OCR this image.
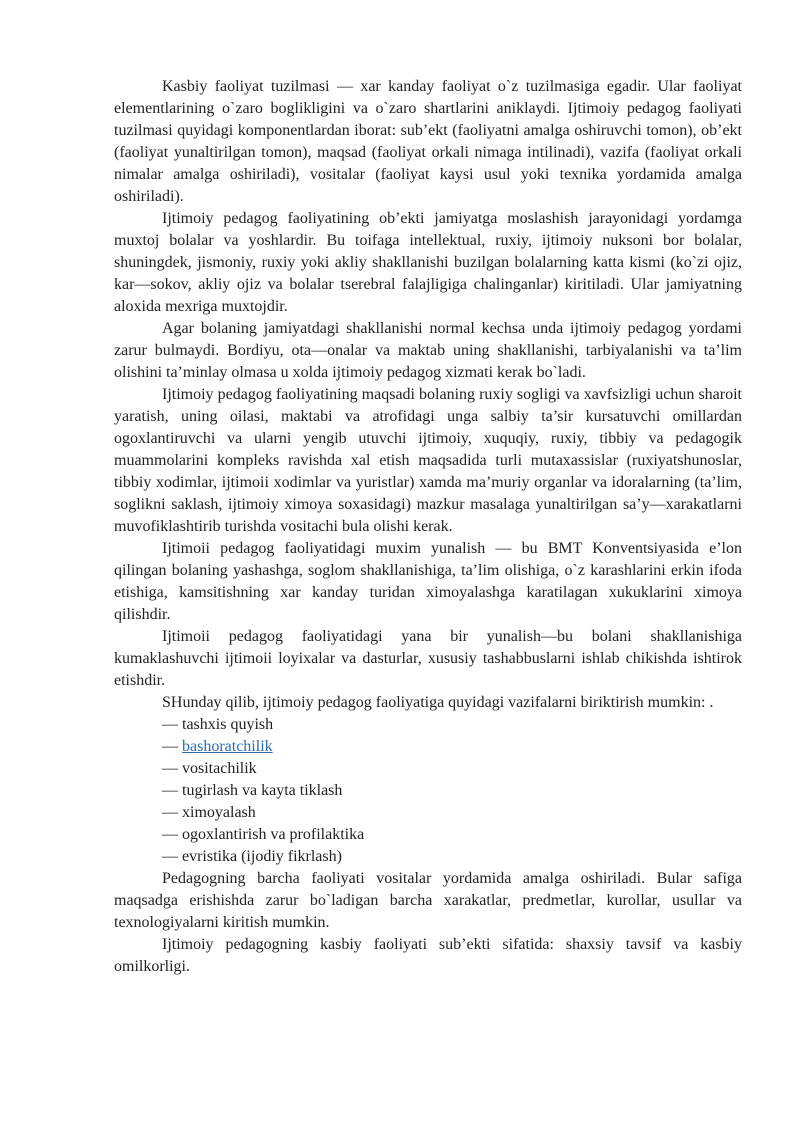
Kasbiy faoliyat tuzilmasi — xar kanday faoliyat o`z tuzilmasiga egadir. Ular faoliyat elementlarining o`zaro boglikligini va o`zaro shartlarini aniklaydi. Ijtimoiy pedagog faoliyati tuzilmasi quyidagi komponentlardan iborat: sub’ekt (faoliyatni amalga oshiruvchi tomon), ob’ekt (faoliyat yunaltirilgan tomon), maqsad (faoliyat orkali nimaga intilinadi), vazifa (faoliyat orkali nimalar amalga oshiriladi), vositalar (faoliyat kaysi usul yoki texnika yordamida amalga oshiriladi).

Ijtimoiy pedagog faoliyatining ob’ekti jamiyatga moslashish jarayonidagi yordamga muxtoj bolalar va yoshlardir. Bu toifaga intellektual, ruxiy, ijtimoiy nuksoni bor bolalar, shuningdek, jismoniy, ruxiy yoki akliy shakllanishi buzilgan bolalarning katta kismi (ko`zi ojiz, kar—sokov, akliy ojiz va bolalar tserebral falajligiga chalinganlar) kiritiladi. Ular jamiyatning aloxida mexriga muxtojdir.

Agar bolaning jamiyatdagi shakllanishi normal kechsa unda ijtimoiy pedagog yordami zarur bulmaydi. Bordiyu, ota—onalar va maktab uning shakllanishi, tarbiyalanishi va ta’lim olishini ta’minlay olmasa u xolda ijtimoiy pedagog xizmati kerak bo`ladi.

Ijtimoiy pedagog faoliyatining maqsadi bolaning ruxiy sogligi va xavfsizligi uchun sharoit yaratish, uning oilasi, maktabi va atrofidagi unga salbiy ta’sir kursatuvchi omillardan ogoxlantiruvchi va ularni yengib utuvchi ijtimoiy, xuquqiy, ruxiy, tibbiy va pedagogik muammolarini kompleks ravishda xal etish maqsadida turli mutaxassislar (ruxiyatshunoslar, tibbiy xodimlar, ijtimoii xodimlar va yuristlar) xamda ma’muriy organlar va idoralarning (ta’lim, soglikni saklash, ijtimoiy ximoya soxasidagi) mazkur masalaga yunaltirilgan sa’y—xarakatlarni muvofiklashtirib turishda vositachi bula olishi kerak.

Ijtimoii pedagog faoliyatidagi muxim yunalish — bu BMT Konventsiyasida e’lon qilingan bolaning yashashga, soglom shakllanishiga, ta’lim olishiga, o`z karashlarini erkin ifoda etishiga, kamsitishning xar kanday turidan ximoyalashga karatilagan xukuklarini ximoya qilishdir.

Ijtimoii pedagog faoliyatidagi yana bir yunalish—bu bolani shakllanishiga kumaklashuvchi ijtimoii loyixalar va dasturlar, xususiy tashabbuslarni ishlab chikishda ishtirok etishdir.

SHunday qilib, ijtimoiy pedagog faoliyatiga quyidagi vazifalarni biriktirish mumkin: .

— tashxis quyish

— bashoratchilik

— vositachilik

— tugirlash va kayta tiklash

— ximoyalash

— ogoxlantirish va profilaktika

— evristika (ijodiy fikrlash)

Pedagogning barcha faoliyati vositalar yordamida amalga oshiriladi. Bular safiga maqsadga erishishda zarur bo`ladigan barcha xarakatlar, predmetlar, kurollar, usullar va texnologiyalarni kiritish mumkin.

Ijtimoiy pedagogning kasbiy faoliyati sub’ekti sifatida: shaxsiy tavsif va kasbiy omilkorligi.
